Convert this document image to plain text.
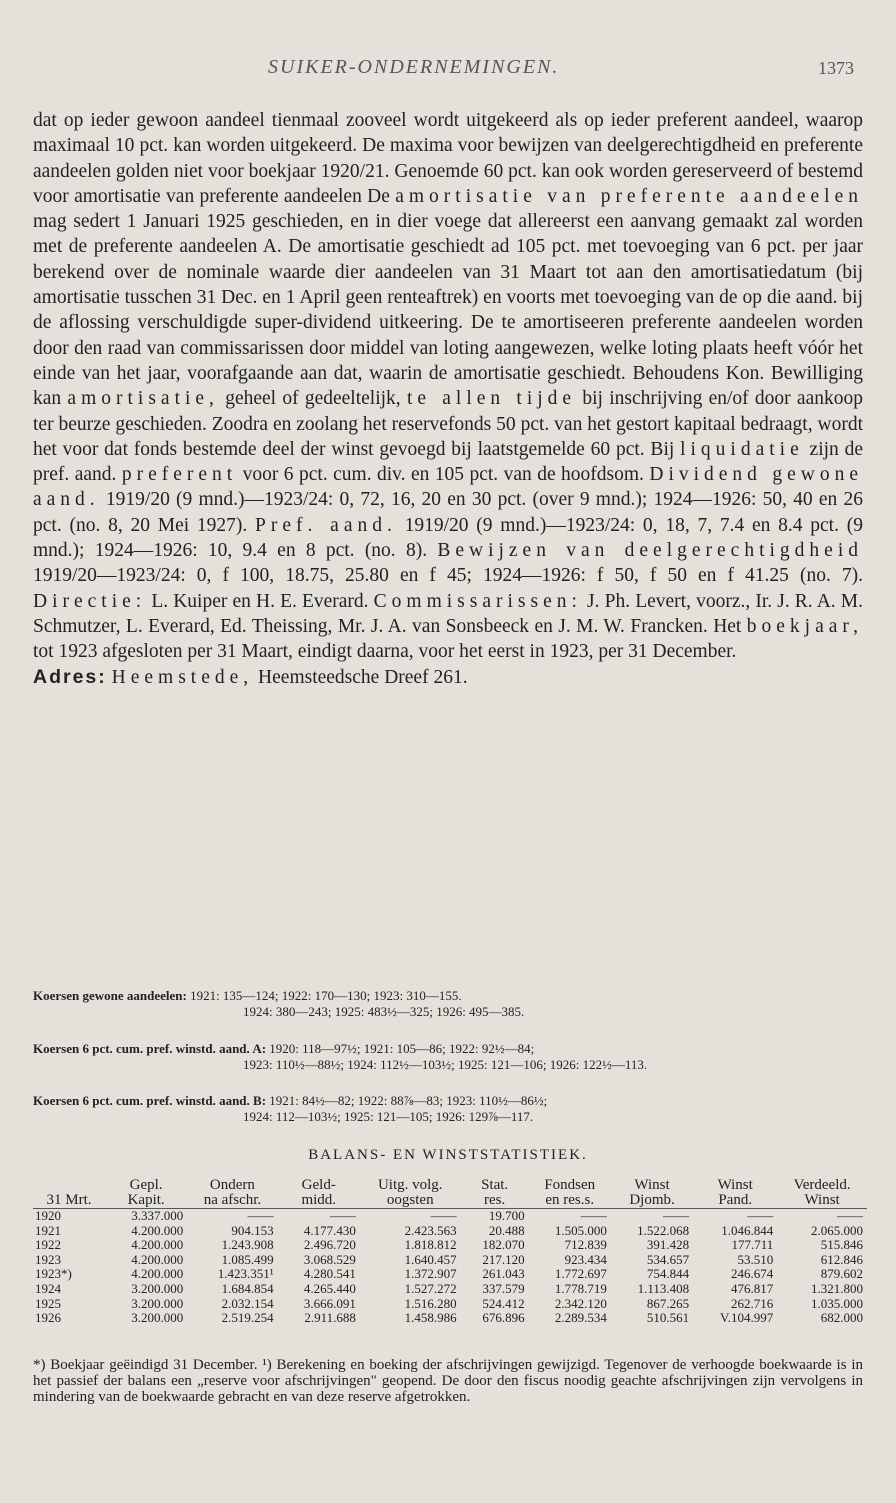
SUIKER-ONDERNEMINGEN.	1373
dat op ieder gewoon aandeel tienmaal zooveel wordt uitgekeerd als op ieder preferent aandeel, waarop maximaal 10 pct. kan worden uitgekeerd. De maxima voor bewijzen van deelgerechtigdheid en preferente aandeelen golden niet voor boekjaar 1920/21. Genoemde 60 pct. kan ook worden gereserveerd of bestemd voor amortisatie van preferente aandeelen De amortisatie van preferente aandeelen mag sedert 1 Januari 1925 geschieden, en in dier voege dat allereerst een aanvang gemaakt zal worden met de preferente aandeelen A. De amortisatie geschiedt ad 105 pct. met toevoeging van 6 pct. per jaar berekend over de nominale waarde dier aandeelen van 31 Maart tot aan den amortisatiedatum (bij amortisatie tusschen 31 Dec. en 1 April geen renteaftrek) en voorts met toevoeging van de op die aand. bij de aflossing verschuldigde super-dividend uitkeering. De te amortiseeren preferente aandeelen worden door den raad van commissarissen door middel van loting aangewezen, welke loting plaats heeft vóór het einde van het jaar, voorafgaande aan dat, waarin de amortisatie geschiedt. Behoudens Kon. Bewilliging kan amortisatie, geheel of gedeeltelijk, te allen tijde bij inschrijving en/of door aankoop ter beurze geschieden. Zoodra en zoolang het reservefonds 50 pct. van het gestort kapitaal bedraagt, wordt het voor dat fonds bestemde deel der winst gevoegd bij laatstgemelde 60 pct. Bij liquidatie zijn de pref. aand. preferent voor 6 pct. cum. div. en 105 pct. van de hoofdsom. Dividend gewone aand. 1919/20 (9 mnd.)—1923/24: 0, 72, 16, 20 en 30 pct. (over 9 mnd.); 1924—1926: 50, 40 en 26 pct. (no. 8, 20 Mei 1927). Pref. aand. 1919/20 (9 mnd.)—1923/24: 0, 18, 7, 7.4 en 8.4 pct. (9 mnd.); 1924—1926: 10, 9.4 en 8 pct. (no. 8). Bewijzen van deelgerechtigdheid 1919/20—1923/24: 0, f 100, 18.75, 25.80 en f 45; 1924—1926: f 50, f 50 en f 41.25 (no. 7). Directie: L. Kuiper en H. E. Everard. Commissarissen: J. Ph. Levert, voorz., Ir. J. R. A. M. Schmutzer, L. Everard, Ed. Theissing, Mr. J. A. van Sonsbeeck en J. M. W. Francken. Het boekjaar, tot 1923 afgesloten per 31 Maart, eindigt daarna, voor het eerst in 1923, per 31 December.
Adres: Heemstede, Heemsteedsche Dreef 261.
Koersen gewone aandeelen: 1921: 135—124; 1922: 170—130; 1923: 310—155.
1924: 380—243; 1925: 483½—325; 1926: 495—385.
Koersen 6 pct. cum. pref. winstd. aand. A: 1920: 118—97½; 1921: 105—86; 1922: 92½—84;
1923: 110½—88½; 1924: 112½—103½; 1925: 121—106; 1926: 122½—113.
Koersen 6 pct. cum. pref. winstd. aand. B: 1921: 84½—82; 1922: 88⅞—83; 1923: 110½—86½;
1924: 112—103½; 1925: 121—105; 1926: 129⅞—117.
BALANS- EN WINSTSTATISTIEK.
	Gepl.	Ondern	Geld-	Uitg. volg.	Stat.	Fondsen	Winst	Winst	Verdeeld.
31 Mrt.	Kapit.	na afschr.	midd.	oogsten	res.	en res.s.	Djomb.	Pand.	Winst
1920	3.337.000	——	——	——	19.700	——	——	——	——
1921	4.200.000	904.153	4.177.430	2.423.563	20.488	1.505.000	1.522.068	1.046.844	2.065.000
1922	4.200.000	1.243.908	2.496.720	1.818.812	182.070	712.839	391.428	177.711	515.846
1923	4.200.000	1.085.499	3.068.529	1.640.457	217.120	923.434	534.657	53.510	612.846
1923*)	4.200.000	1.423.351¹	4.280.541	1.372.907	261.043	1.772.697	754.844	246.674	879.602
1924	3.200.000	1.684.854	4.265.440	1.527.272	337.579	1.778.719	1.113.408	476.817	1.321.800
1925	3.200.000	2.032.154	3.666.091	1.516.280	524.412	2.342.120	867.265	262.716	1.035.000
1926	3.200.000	2.519.254	2.911.688	1.458.986	676.896	2.289.534	510.561	V.104.997	682.000
*) Boekjaar geëindigd 31 December. ¹) Berekening en boeking der afschrijvingen gewijzigd. Tegenover de verhoogde boekwaarde is in het passief der balans een „reserve voor afschrijvingen" geopend. De door den fiscus noodig geachte afschrijvingen zijn vervolgens in mindering van de boekwaarde gebracht en van deze reserve afgetrokken.
